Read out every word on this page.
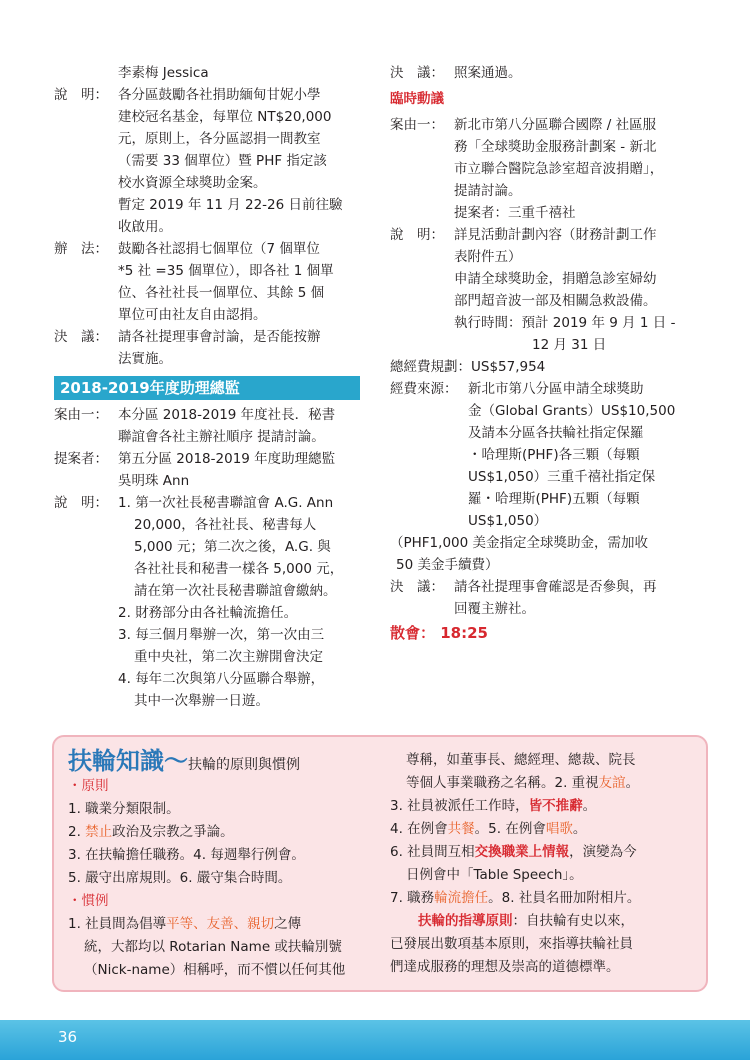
李素梅 Jessica
說　明： 各分區鼓勵各社捐助緬甸甘妮小學
建校冠名基金，每單位 NT$20,000
元，原則上，各分區認捐一間教室
（需要 33 個單位）暨 PHF 指定該
校水資源全球獎助金案。
暫定 2019 年 11 月 22-26 日前往驗
收啟用。
辦　法： 鼓勵各社認捐七個單位（7 個單位
*5 社 =35 個單位），即各社 1 個單
位、各社社長一個單位、其餘 5 個
單位可由社友自由認捐。
決　議： 請各社提理事會討論，是否能按辦
法實施。
2018-2019年度助理總監
案由一： 本分區 2018-2019 年度社長．秘書
聯誼會各社主辦社順序 提請討論。
提案者： 第五分區 2018-2019 年度助理總監
吳明珠 Ann
說　明： 1. 第一次社長秘書聯誼會 A.G. Ann
20,000，各社社長、秘書每人
5,000 元；第二次之後，A.G. 與
各社社長和秘書一樣各 5,000 元，
請在第一次社長秘書聯誼會繳納。
2. 財務部分由各社輪流擔任。
3. 每三個月舉辦一次，第一次由三
重中央社，第二次主辦開會決定
4. 每年二次與第八分區聯合舉辦，
其中一次舉辦一日遊。
決　議： 照案通過。
臨時動議
案由一： 新北市第八分區聯合國際 / 社區服
務「全球獎助金服務計劃案 - 新北
市立聯合醫院急診室超音波捐贈」，
提請討論。
提案者：三重千禧社
說　明： 詳見活動計劃內容（財務計劃工作
表附件五）
申請全球獎助金，捐贈急診室婦幼
部門超音波一部及相關急救設備。
執行時間：預計 2019 年 9 月 1 日 -
12 月 31 日
總經費規劃：US$57,954
經費來源： 新北市第八分區申請全球獎助
金（Global Grants）US$10,500
及請本分區各扶輪社指定保羅
・哈理斯(PHF)各三顆（每顆
US$1,050）三重千禧社指定保
羅・哈理斯(PHF)五顆（每顆
US$1,050）
（PHF1,000 美金指定全球獎助金，需加收
50 美金手續費）
決　議： 請各社提理事會確認是否參與，再
回覆主辦社。
散會： 18:25
扶輪知識～扶輪的原則與慣例
・原則
1. 職業分類限制。
2. 禁止政治及宗教之爭論。
3. 在扶輪擔任職務。4. 每週舉行例會。
5. 嚴守出席規則。6. 嚴守集合時間。
・慣例
1. 社員間為倡導平等、友善、親切之傳
統，大都均以 Rotarian Name 或扶輪別號
（Nick-name）相稱呼，而不慣以任何其他
尊稱，如董事長、總經理、總裁、院長
等個人事業職務之名稱。2. 重視友誼。
3. 社員被派任工作時，皆不推辭。
4. 在例會共餐。5. 在例會唱歌。
6. 社員間互相交換職業上情報，演變為今
日例會中「Table Speech」。
7. 職務輪流擔任。8. 社員名冊加附相片。
扶輪的指導原則：自扶輪有史以來，
已發展出數項基本原則，來指導扶輪社員
們達成服務的理想及崇高的道德標準。
36
